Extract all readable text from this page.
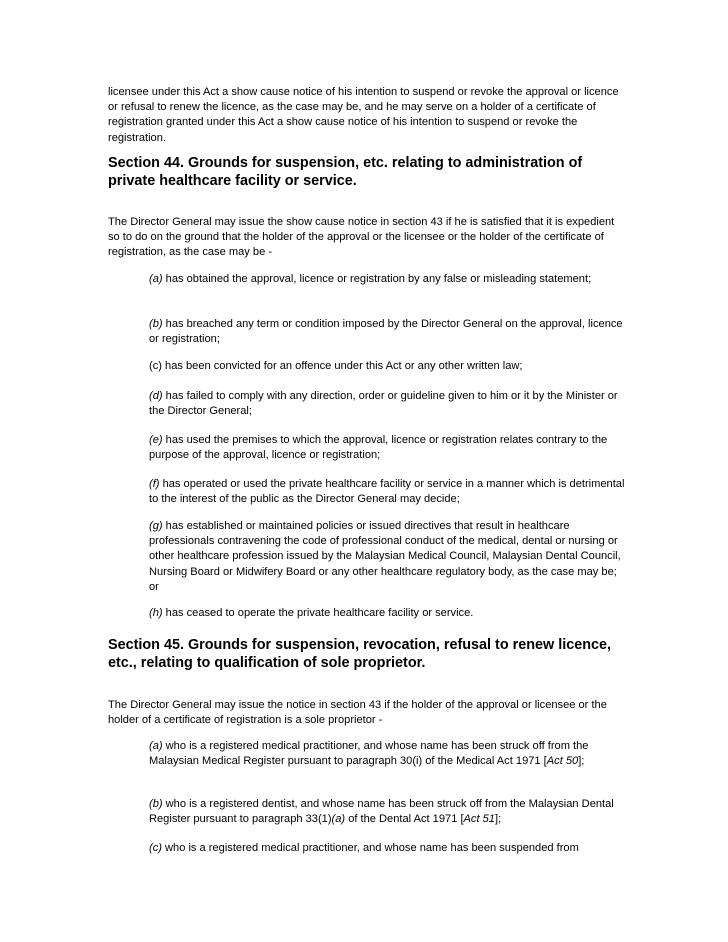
licensee under this Act a show cause notice of his intention to suspend or revoke the approval or licence or refusal to renew the licence, as the case may be, and he may serve on a holder of a certificate of registration granted under this Act a show cause notice of his intention to suspend or revoke the registration.
Section 44. Grounds for suspension, etc. relating to administration of private healthcare facility or service.
The Director General may issue the show cause notice in section 43 if he is satisfied that it is expedient so to do on the ground that the holder of the approval or the licensee or the holder of the certificate of registration, as the case may be -
(a) has obtained the approval, licence or registration by any false or misleading statement;
(b) has breached any term or condition imposed by the Director General on the approval, licence or registration;
(c) has been convicted for an offence under this Act or any other written law;
(d) has failed to comply with any direction, order or guideline given to him or it by the Minister or the Director General;
(e) has used the premises to which the approval, licence or registration relates contrary to the purpose of the approval, licence or registration;
(f) has operated or used the private healthcare facility or service in a manner which is detrimental to the interest of the public as the Director General may decide;
(g) has established or maintained policies or issued directives that result in healthcare professionals contravening the code of professional conduct of the medical, dental or nursing or other healthcare profession issued by the Malaysian Medical Council, Malaysian Dental Council, Nursing Board or Midwifery Board or any other healthcare regulatory body, as the case may be; or
(h) has ceased to operate the private healthcare facility or service.
Section 45. Grounds for suspension, revocation, refusal to renew licence, etc., relating to qualification of sole proprietor.
The Director General may issue the notice in section 43 if the holder of the approval or licensee or the holder of a certificate of registration is a sole proprietor -
(a) who is a registered medical practitioner, and whose name has been struck off from the Malaysian Medical Register pursuant to paragraph 30(i) of the Medical Act 1971 [Act 50];
(b) who is a registered dentist, and whose name has been struck off from the Malaysian Dental Register pursuant to paragraph 33(1)(a) of the Dental Act 1971 [Act 51];
(c) who is a registered medical practitioner, and whose name has been suspended from
